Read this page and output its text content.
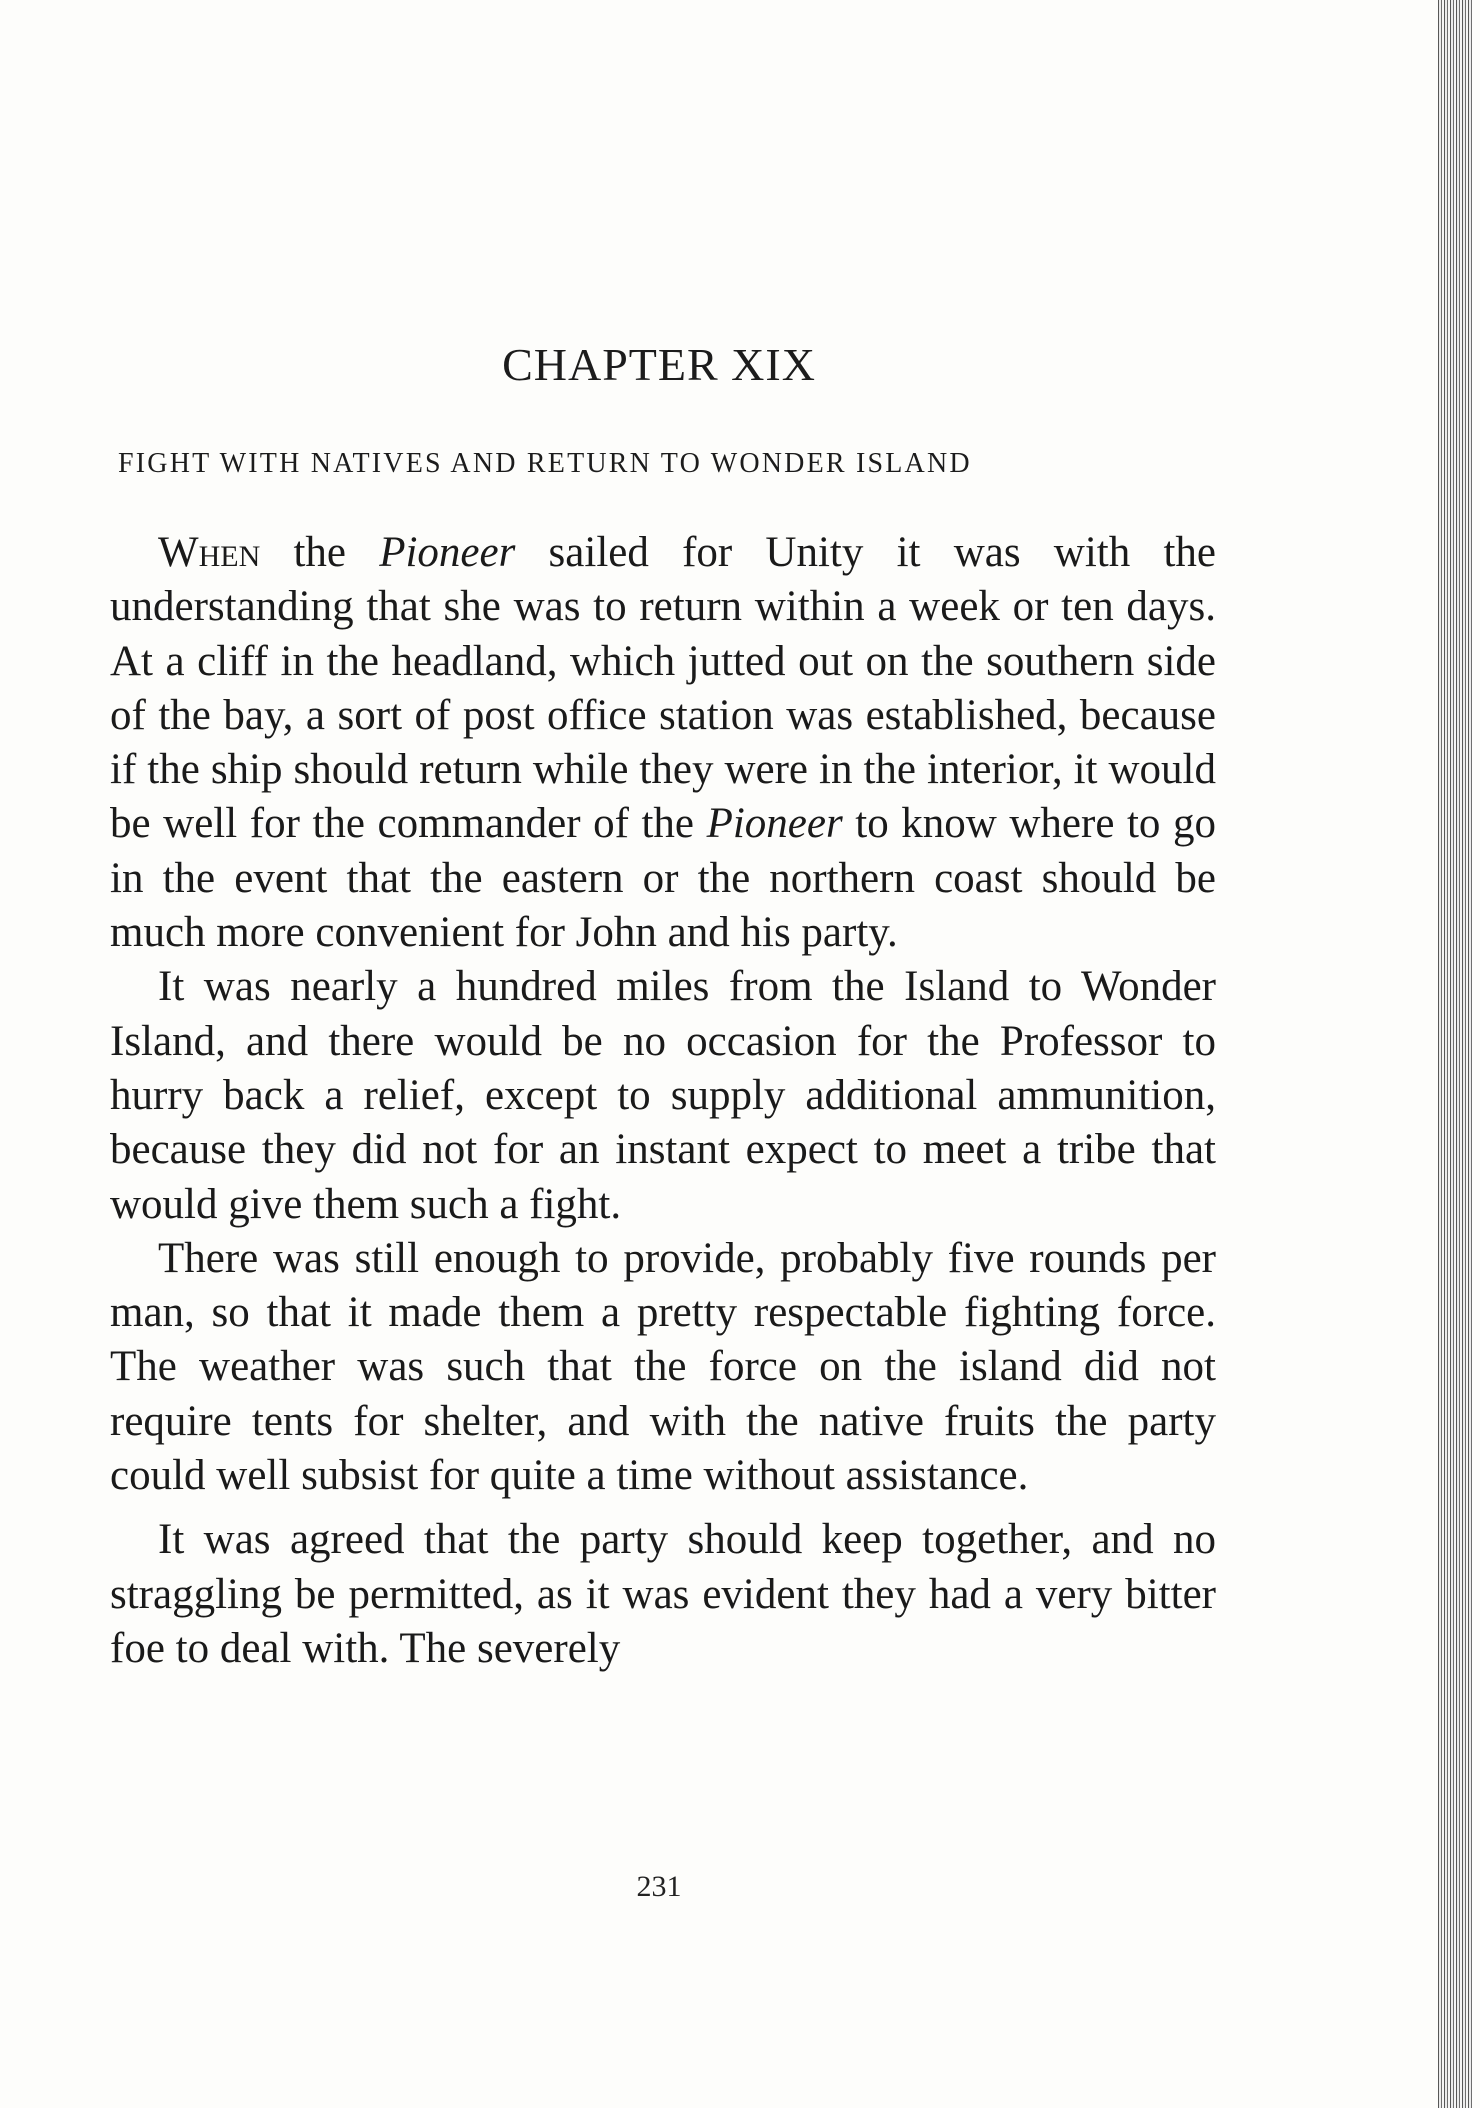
CHAPTER XIX
FIGHT WITH NATIVES AND RETURN TO WONDER ISLAND

When the Pioneer sailed for Unity it was with the understanding that she was to return within a week or ten days. At a cliff in the headland, which jutted out on the southern side of the bay, a sort of post office station was established, because if the ship should return while they were in the interior, it would be well for the commander of the Pioneer to know where to go in the event that the eastern or the northern coast should be much more convenient for John and his party.

It was nearly a hundred miles from the Island to Wonder Island, and there would be no occasion for the Professor to hurry back a relief, except to supply additional ammunition, because they did not for an instant expect to meet a tribe that would give them such a fight.

There was still enough to provide, probably five rounds per man, so that it made them a pretty respectable fighting force. The weather was such that the force on the island did not require tents for shelter, and with the native fruits the party could well subsist for quite a time without assistance.

It was agreed that the party should keep together, and no straggling be permitted, as it was evident they had a very bitter foe to deal with. The severely

231
